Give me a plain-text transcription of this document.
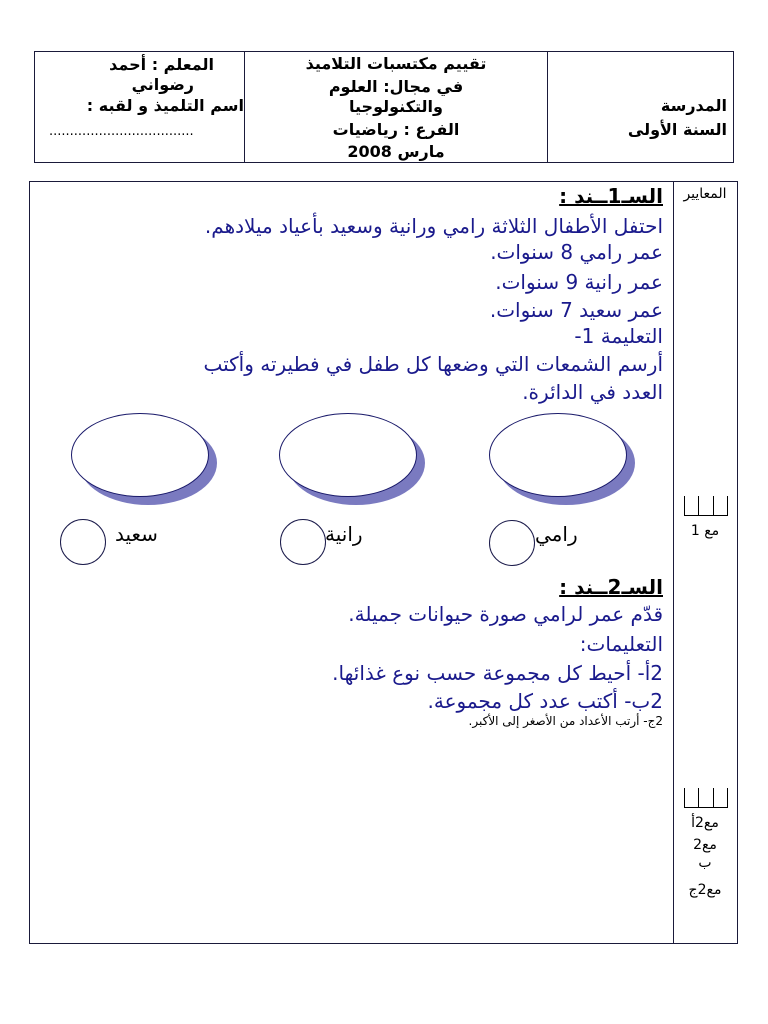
المعلم : أحمد
رضواني
اسم التلميذ و لقبه :
...................................
تقييم مكتسبات التلاميذ
في مجال: العلوم
والتكنولوجيا
الفرع : رياضيات
مارس 2008
المدرسة
السنة الأولى
المعايير
مع 1
مع2أ
مع2 ب
مع2ج
السـ1ــند :
احتفل الأطفال الثلاثة رامي ورانية وسعيد بأعياد ميلادهم.
عمر رامي 8 سنوات.
عمر رانية 9 سنوات.
عمر سعيد 7 سنوات.
التعليمة 1-
أرسم الشمعات التي وضعها كل طفل في فطيرته وأكتب
العدد في الدائرة.
رامي
رانية
سعيد
السـ2ــند :
قدّم عمر لرامي صورة حيوانات جميلة.
التعليمات:
2أ- أحيط كل مجموعة حسب نوع غذائها.
2ب- أكتب عدد كل مجموعة.
2ج- أرتب الأعداد من الأصغر إلى الأكبر.
